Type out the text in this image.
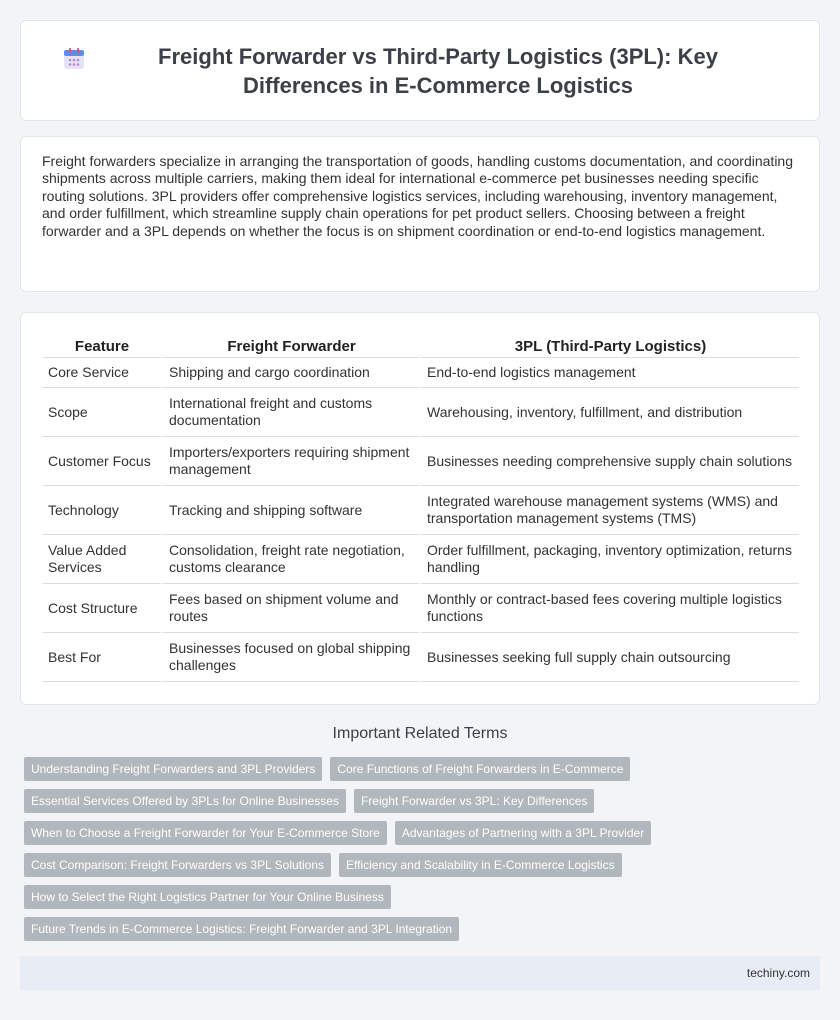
Freight Forwarder vs Third-Party Logistics (3PL): Key Differences in E-Commerce Logistics

Freight forwarders specialize in arranging the transportation of goods, handling customs documentation, and coordinating shipments across multiple carriers, making them ideal for international e-commerce pet businesses needing specific routing solutions. 3PL providers offer comprehensive logistics services, including warehousing, inventory management, and order fulfillment, which streamline supply chain operations for pet product sellers. Choosing between a freight forwarder and a 3PL depends on whether the focus is on shipment coordination or end-to-end logistics management.

Feature	Freight Forwarder	3PL (Third-Party Logistics)
Core Service	Shipping and cargo coordination	End-to-end logistics management
Scope	International freight and customs documentation	Warehousing, inventory, fulfillment, and distribution
Customer Focus	Importers/exporters requiring shipment management	Businesses needing comprehensive supply chain solutions
Technology	Tracking and shipping software	Integrated warehouse management systems (WMS) and transportation management systems (TMS)
Value Added Services	Consolidation, freight rate negotiation, customs clearance	Order fulfillment, packaging, inventory optimization, returns handling
Cost Structure	Fees based on shipment volume and routes	Monthly or contract-based fees covering multiple logistics functions
Best For	Businesses focused on global shipping challenges	Businesses seeking full supply chain outsourcing
Important Related Terms
Understanding Freight Forwarders and 3PL Providers	Core Functions of Freight Forwarders in E-Commerce
Essential Services Offered by 3PLs for Online Businesses	Freight Forwarder vs 3PL: Key Differences
When to Choose a Freight Forwarder for Your E-Commerce Store	Advantages of Partnering with a 3PL Provider
Cost Comparison: Freight Forwarders vs 3PL Solutions	Efficiency and Scalability in E-Commerce Logistics
How to Select the Right Logistics Partner for Your Online Business
Future Trends in E-Commerce Logistics: Freight Forwarder and 3PL Integration
techiny.com
